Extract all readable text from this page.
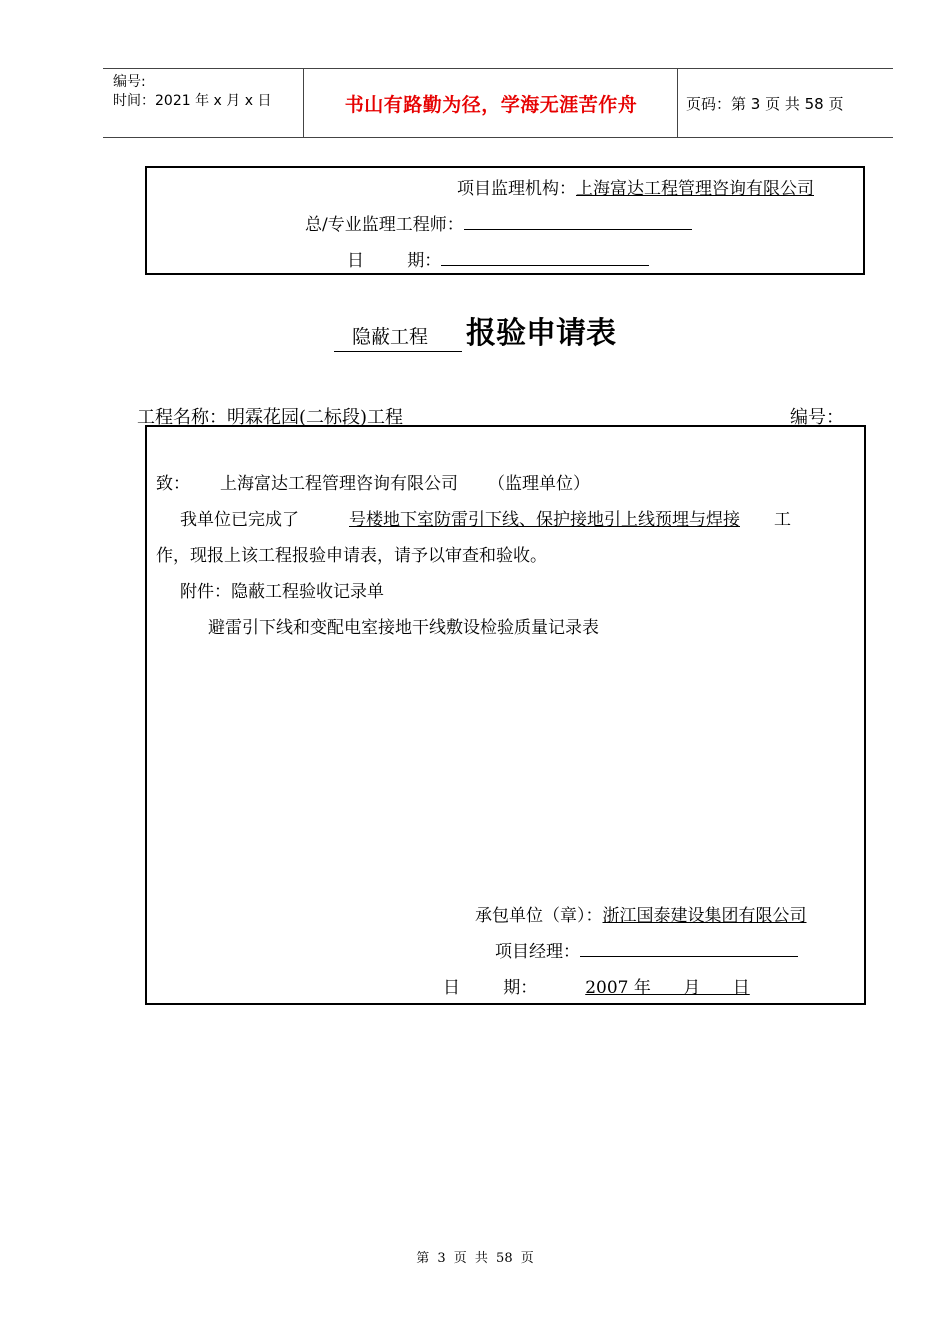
编号:
时间：2021 年 x 月 x 日	书山有路勤为径，学海无涯苦作舟	页码：第 3 页 共 58 页
项目监理机构：上海富达工程管理咨询有限公司
总/专业监理工程师：
日        期：
隐蔽工程 报验申请表
工程名称：明霖花园(二标段)工程	编号：
致： 上海富达工程管理咨询有限公司 （监理单位）
我单位已完成了	号楼地下室防雷引下线、保护接地引上线预埋与焊接 工
作，现报上该工程报验申请表，请予以审查和验收。
附件：隐蔽工程验收记录单
避雷引下线和变配电室接地干线敷设检验质量记录表
承包单位（章）：浙江国泰建设集团有限公司
项目经理：
日        期：	2007 年      月      日
第 3 页 共 58 页
